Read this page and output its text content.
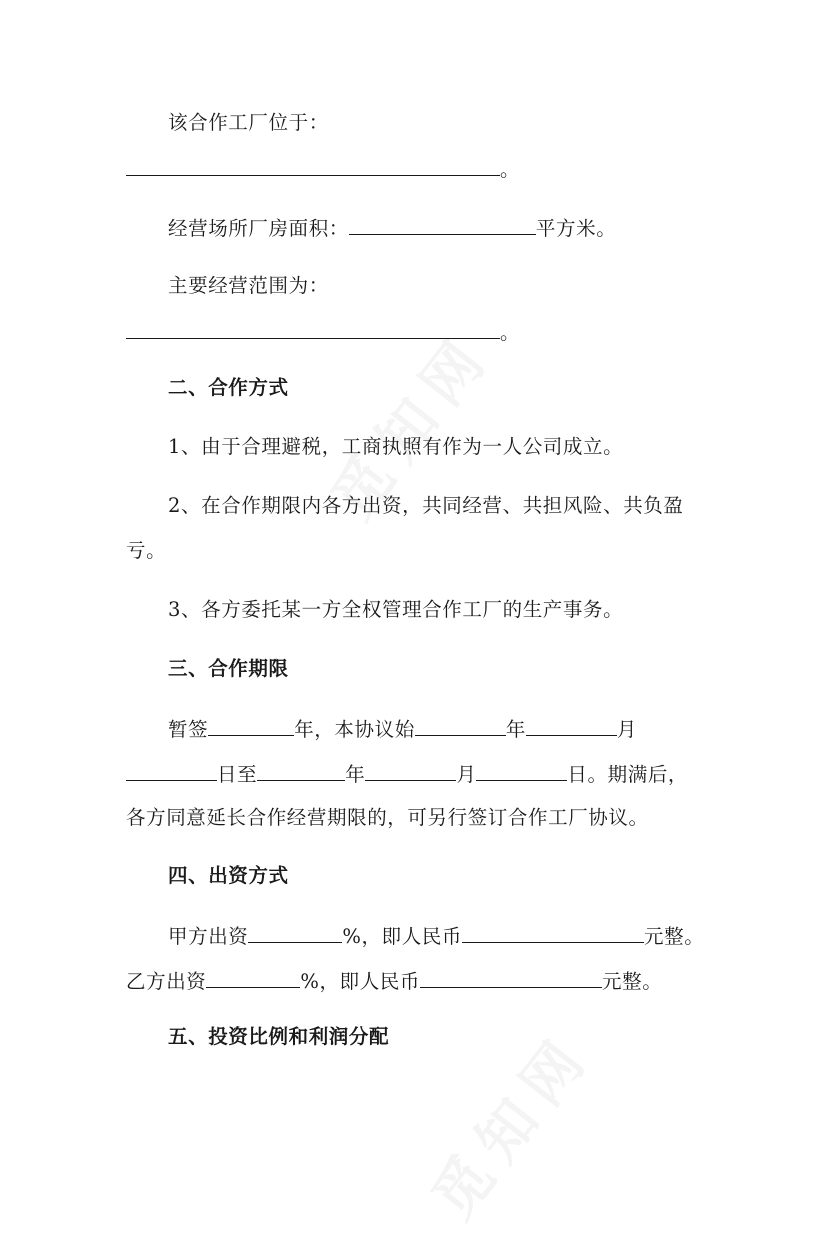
该合作工厂位于：
。
经营场所厂房面积：	平方米。
主要经营范围为：
。
二、合作方式
1、由于合理避税，工商执照有作为一人公司成立。
2、在合作期限内各方出资，共同经营、共担风险、共负盈
亏。
3、各方委托某一方全权管理合作工厂的生产事务。
三、合作期限
暂签	年，本协议始	年	月
日至	年	月	日。期满后，
各方同意延长合作经营期限的，可另行签订合作工厂协议。
四、出资方式
甲方出资	%，即人民币	元整。
乙方出资	%，即人民币	元整。
五、投资比例和利润分配
